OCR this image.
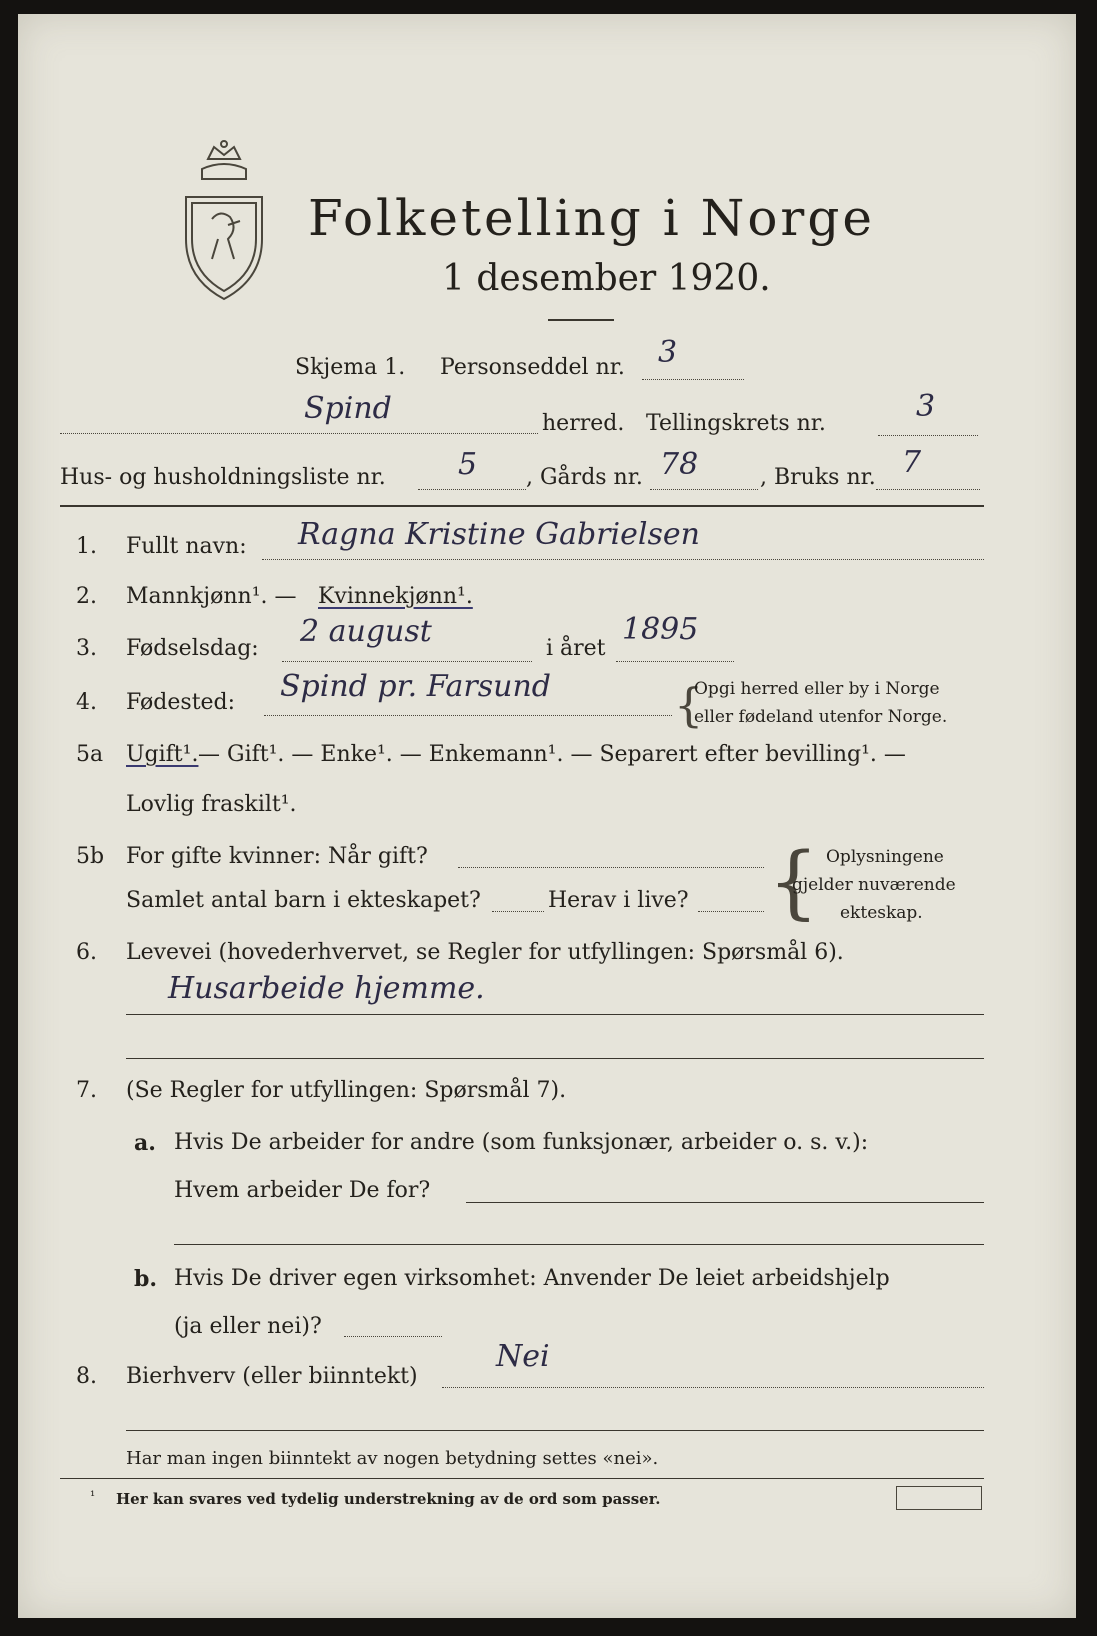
Folketelling i Norge
1 desember 1920.
Skjema 1. Personseddel nr. 3
Spind	herred. Tellingskrets nr.	3
Hus- og husholdningsliste nr. 5 , Gårds nr. 78	, Bruks nr. 7
1. Fullt navn: Ragna Kristine Gabrielsen
2. Mannkjønn¹. — Kvinnekjønn¹.
3. Fødselsdag: 2 august	i året
1895
4. Fødested: Spind pr. Farsund	{
Opgi herred eller by i Norge
eller fødeland utenfor Norge.
5a Ugift¹. — Gift¹. — Enke¹. — Enkemann¹. — Separert efter bevilling¹. —
Lovlig fraskilt¹.
5b For gifte kvinner: Når gift?
Samlet antal barn i ekteskapet?	Herav i live? { Oplysningene
gjelder nuværende
ekteskap.
6. Levevei (hovederhvervet, se Regler for utfyllingen: Spørsmål 6).
Husarbeide hjemme.
7. (Se Regler for utfyllingen: Spørsmål 7).
a. Hvis De arbeider for andre (som funksjonær, arbeider o. s. v.):
Hvem arbeider De for?
b. Hvis De driver egen virksomhet: Anvender De leiet arbeidshjelp
(ja eller nei)?
8. Bierhverv (eller biinntekt)
Nei
Har man ingen biinntekt av nogen betydning settes «nei».
¹ Her kan svares ved tydelig understrekning av de ord som passer.
